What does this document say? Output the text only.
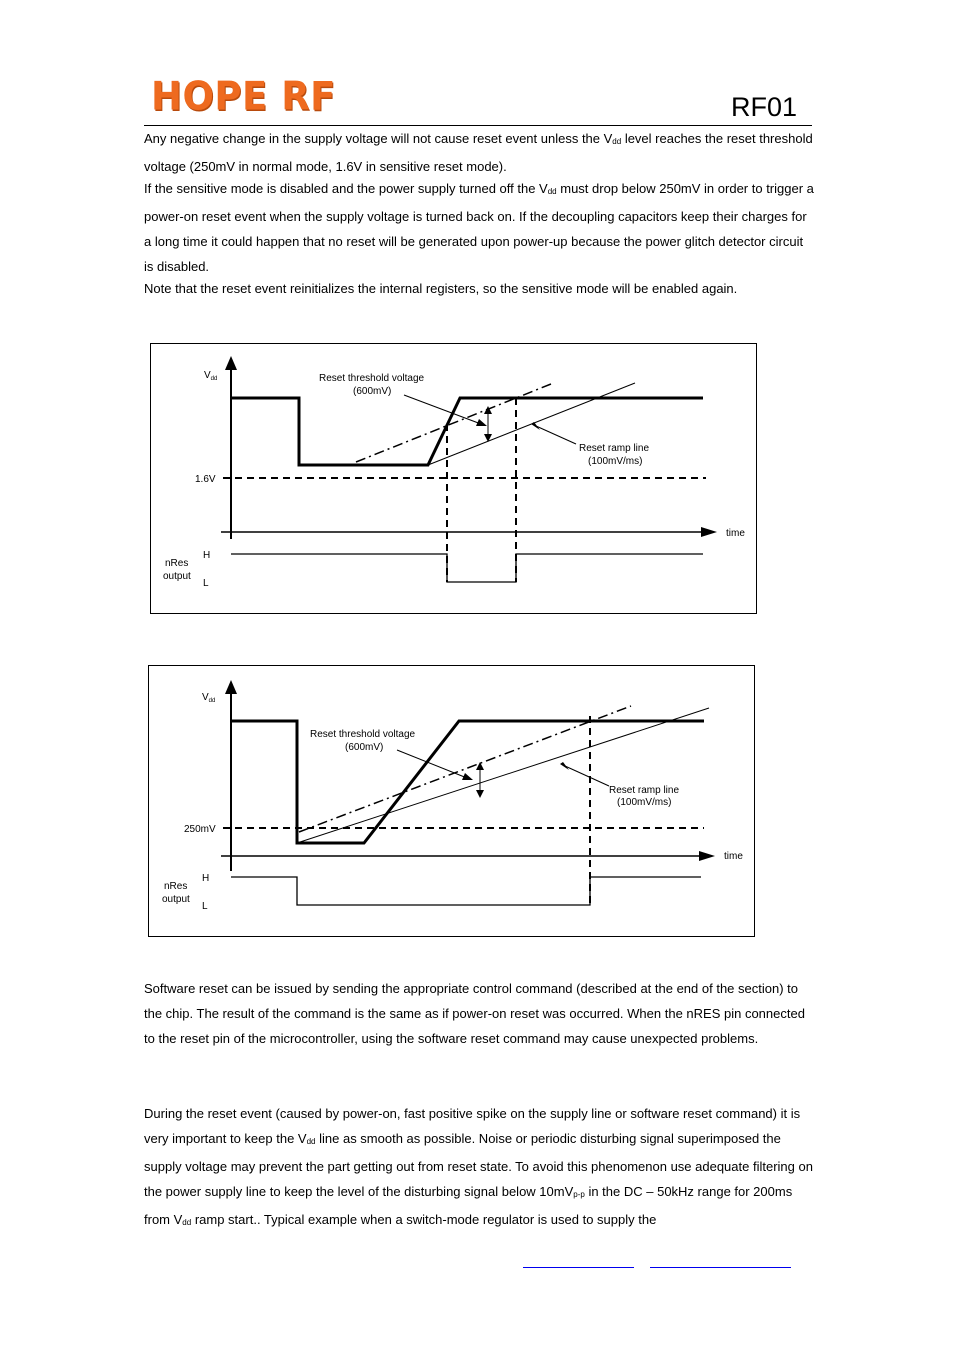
HOPE RF	RF01

Any negative change in the supply voltage will not cause reset event unless the $V_{dd}$ level reaches the reset threshold voltage (250mV in normal mode, 1.6V in sensitive reset mode).

If the sensitive mode is disabled and the power supply turned off the $V_{dd}$ must drop below 250mV in order to trigger a power-on reset event when the supply voltage is turned back on. If the decoupling capacitors keep their charges for a long time it could happen that no reset will be generated upon power-up because the power glitch detector circuit is disabled.

Note that the reset event reinitializes the internal registers, so the sensitive mode will be enabled again.

$V_{dd}$	Reset threshold voltage
(600mV)
Reset ramp line
(100mV/ms)
1.6V
time
nRes
output
H
L
$V_{dd}$
Reset threshold voltage
(600mV)
Reset ramp line
(100mV/ms)
250mV
time
nRes
output
H
L

Software reset can be issued by sending the appropriate control command (described at the end of the section) to the chip. The result of the command is the same as if power-on reset was occurred. When the nRES pin connected to the reset pin of the microcontroller, using the software reset command may cause unexpected problems.

During the reset event (caused by power-on, fast positive spike on the supply line or software reset command) it is very important to keep the $V_{dd}$ line as smooth as possible. Noise or periodic disturbing signal superimposed the supply voltage may prevent the part getting out from reset state. To avoid this phenomenon use adequate filtering on the power supply line to keep the level of the disturbing signal below $10mV_{p-p}$ in the DC – 50kHz range for 200ms from $V_{dd}$ ramp start.. Typical example when a switch-mode regulator is used to supply the
